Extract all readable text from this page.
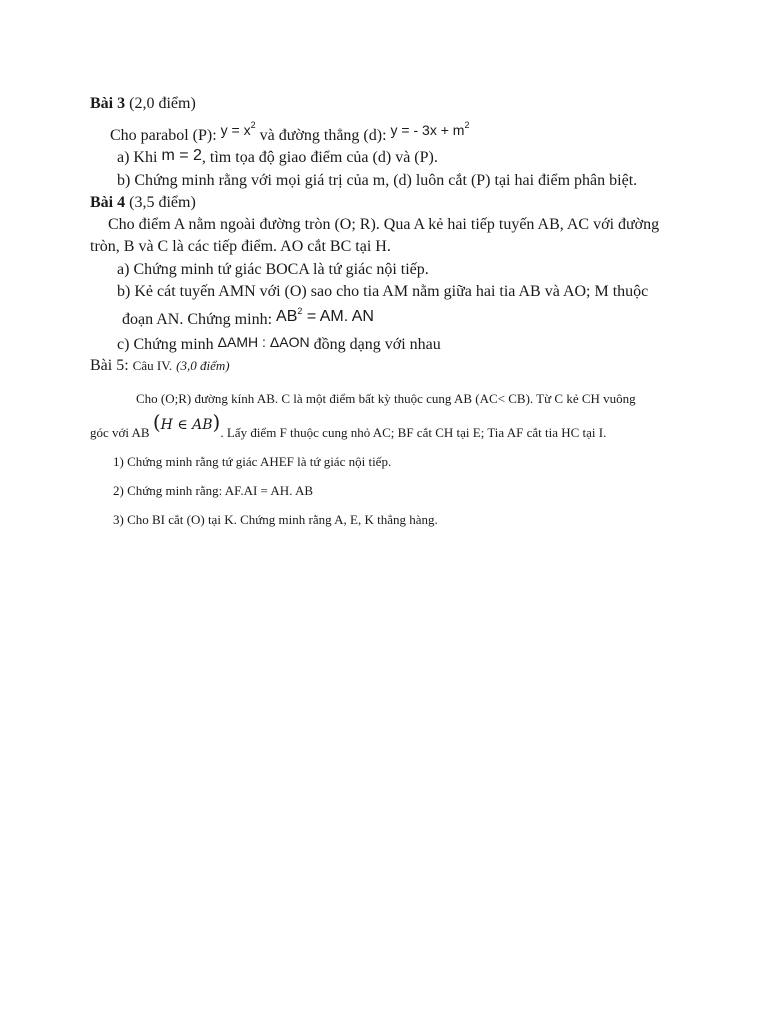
Bài 3 (2,0 điểm)
Cho parabol (P): $y = x^2$ và đường thẳng (d): y = - $3x + m^2$
a) Khi m = 2, tìm tọa độ giao điểm của (d) và (P).
b) Chứng minh rằng với mọi giá trị của m, (d) luôn cắt (P) tại hai điểm phân biệt.
Bài 4 (3,5 điểm)
Cho điểm A nằm ngoài đường tròn (O; R). Qua A kẻ hai tiếp tuyến AB, AC với đường
tròn, B và C là các tiếp điểm. AO cắt BC tại H.
a) Chứng minh tứ giác BOCA là tứ giác nội tiếp.
b) Kẻ cát tuyến AMN với (O) sao cho tia AM nằm giữa hai tia AB và AO; M thuộc
đoạn AN. Chứng minh: $AB^2$ = AM. AN
c) Chứng minh ΔAMH : ΔAON đồng dạng với nhau
Bài 5: Câu IV. (3,0 điểm)
Cho (O;R) đường kính AB. C là một điểm bất kỳ thuộc cung AB (AC< CB). Từ C kẻ CH vuông
góc với AB (H ∈ AB). Lấy điểm F thuộc cung nhỏ AC; BF cắt CH tại E; Tia AF cắt tia HC tại I.
1) Chứng minh rằng tứ giác AHEF là tứ giác nội tiếp.
2) Chứng minh rằng: AF.AI = AH. AB
3) Cho BI cắt (O) tại K. Chứng minh rằng A, E, K thẳng hàng.
